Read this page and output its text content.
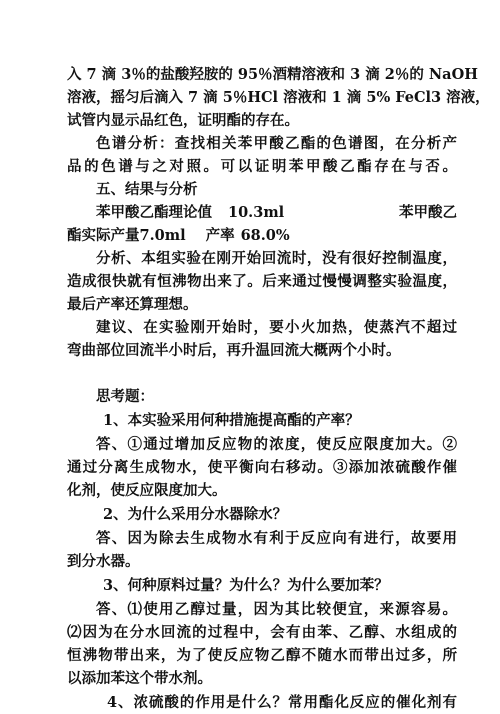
入 7 滴 3％的盐酸羟胺的 95％酒精溶液和 3 滴 2％的 NaOH
溶液，摇匀后滴入 7 滴 5％HCl 溶液和 1 滴 5% FeCl3 溶液，
试管内显示品红色，证明酯的存在。
色谱分析：查找相关苯甲酸乙酯的色谱图，在分析产
品的色谱与之对照。可以证明苯甲酸乙酯存在与否。
五、结果与分析
苯甲酸乙酯理论值 10.3ml	苯甲酸乙
酯实际产量7.0ml 产率 68.0%
分析、本组实验在刚开始回流时，没有很好控制温度，
造成很快就有恒沸物出来了。后来通过慢慢调整实验温度，
最后产率还算理想。
建议、在实验刚开始时，要小火加热，使蒸汽不超过
弯曲部位回流半小时后，再升温回流大概两个小时。
思考题：
1、本实验采用何种措施提高酯的产率？
答、①通过增加反应物的浓度，使反应限度加大。②
通过分离生成物水，使平衡向右移动。③添加浓硫酸作催
化剂，使反应限度加大。
2、为什么采用分水器除水？
答、因为除去生成物水有利于反应向有进行，故要用
到分水器。
3、何种原料过量？为什么？为什么要加苯？
答、⑴使用乙醇过量，因为其比较便宜，来源容易。
⑵因为在分水回流的过程中，会有由苯、乙醇、水组成的
恒沸物带出来，为了使反应物乙醇不随水而带出过多，所
以添加苯这个带水剂。
4、浓硫酸的作用是什么？常用酯化反应的催化剂有
